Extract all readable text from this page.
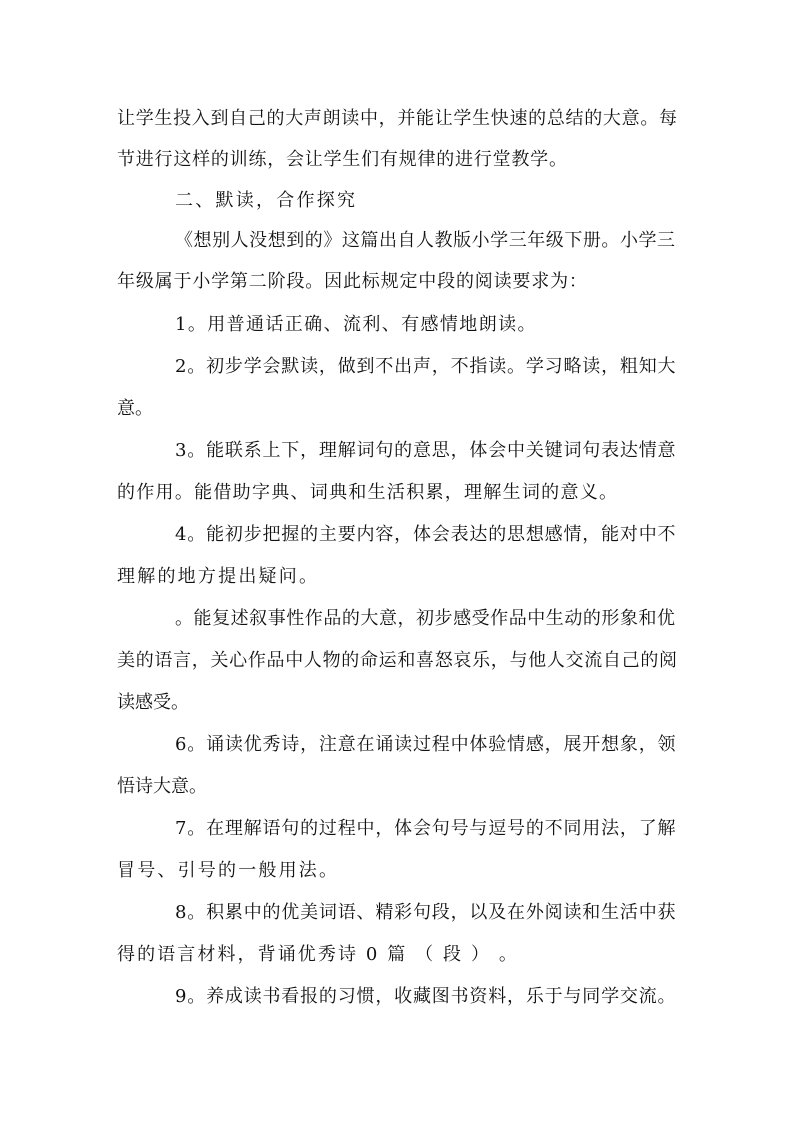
让学生投入到自己的大声朗读中，并能让学生快速的总结的大意。每
节进行这样的训练，会让学生们有规律的进行堂教学。
二、默读，合作探究
《想别人没想到的》这篇出自人教版小学三年级下册。小学三
年级属于小学第二阶段。因此标规定中段的阅读要求为：
1。用普通话正确、流利、有感情地朗读。
2。初步学会默读，做到不出声，不指读。学习略读，粗知大
意。
3。能联系上下，理解词句的意思，体会中关键词句表达情意
的作用。能借助字典、词典和生活积累，理解生词的意义。
4。能初步把握的主要内容，体会表达的思想感情，能对中不
理解的地方提出疑问。
。能复述叙事性作品的大意，初步感受作品中生动的形象和优
美的语言，关心作品中人物的命运和喜怒哀乐，与他人交流自己的阅
读感受。
6。诵读优秀诗，注意在诵读过程中体验情感，展开想象，领
悟诗大意。
7。在理解语句的过程中，体会句号与逗号的不同用法，了解
冒号、引号的一般用法。
8。积累中的优美词语、精彩句段，以及在外阅读和生活中获
得的语言材料，背诵优秀诗 0 篇 （ 段 ） 。
9。养成读书看报的习惯，收藏图书资料，乐于与同学交流。
